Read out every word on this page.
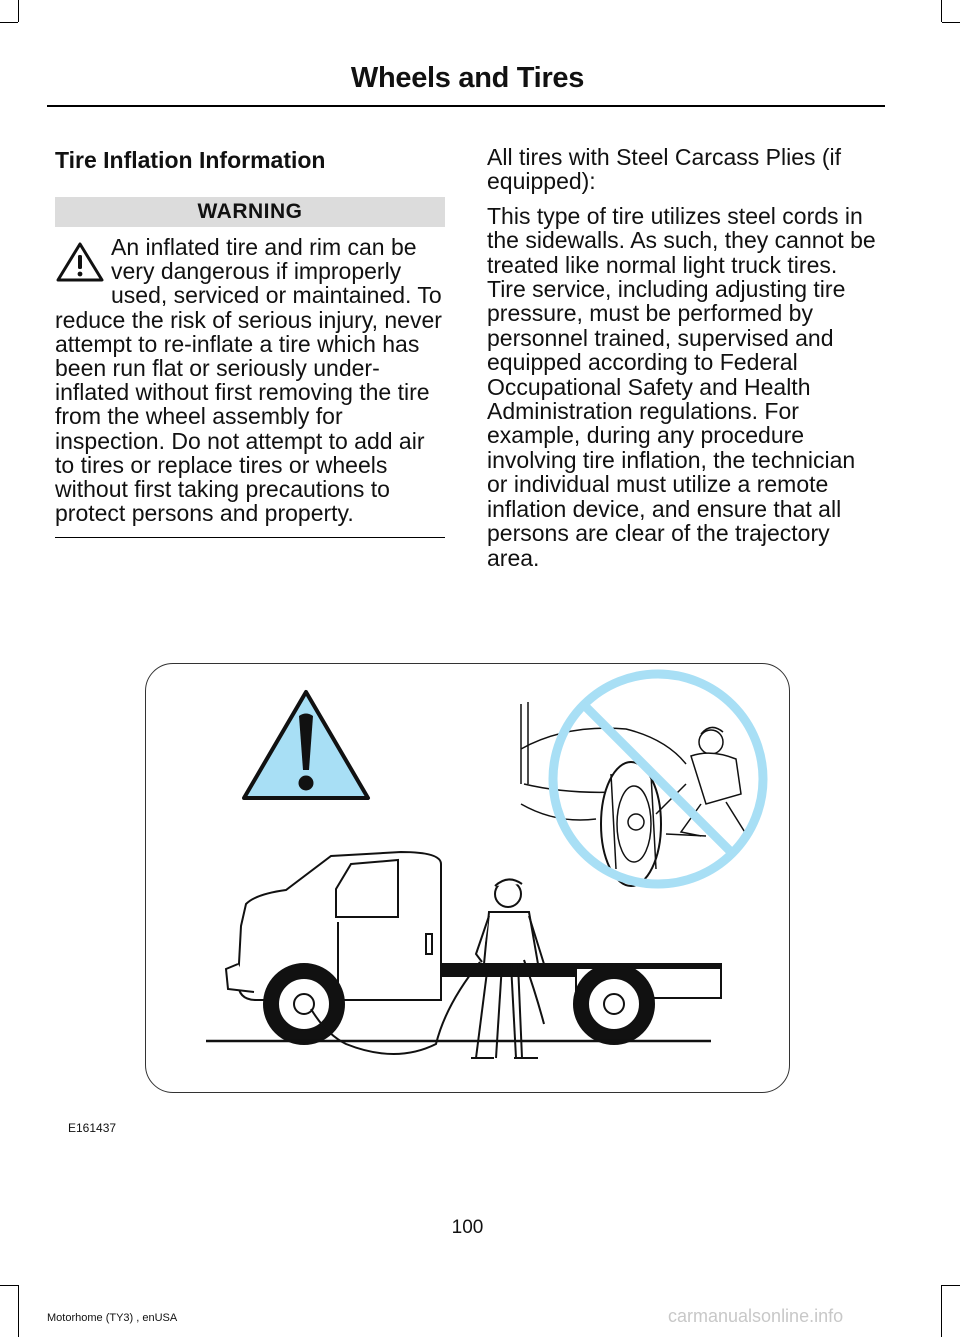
Wheels and Tires
Tire Inflation Information
WARNING
An inflated tire and rim can be very dangerous if improperly used, serviced or maintained. To reduce the risk of serious injury, never attempt to re-inflate a tire which has been run flat or seriously under-inflated without first removing the tire from the wheel assembly for inspection. Do not attempt to add air to tires or replace tires or wheels without first taking precautions to protect persons and property.

All tires with Steel Carcass Plies (if equipped):

This type of tire utilizes steel cords in the sidewalls. As such, they cannot be treated like normal light truck tires. Tire service, including adjusting tire pressure, must be performed by personnel trained, supervised and equipped according to Federal Occupational Safety and Health Administration regulations. For example, during any procedure involving tire inflation, the technician or individual must utilize a remote inflation device, and ensure that all persons are clear of the trajectory area.

E161437
100
Motorhome (TY3) , enUSA	carmanualsonline.info
